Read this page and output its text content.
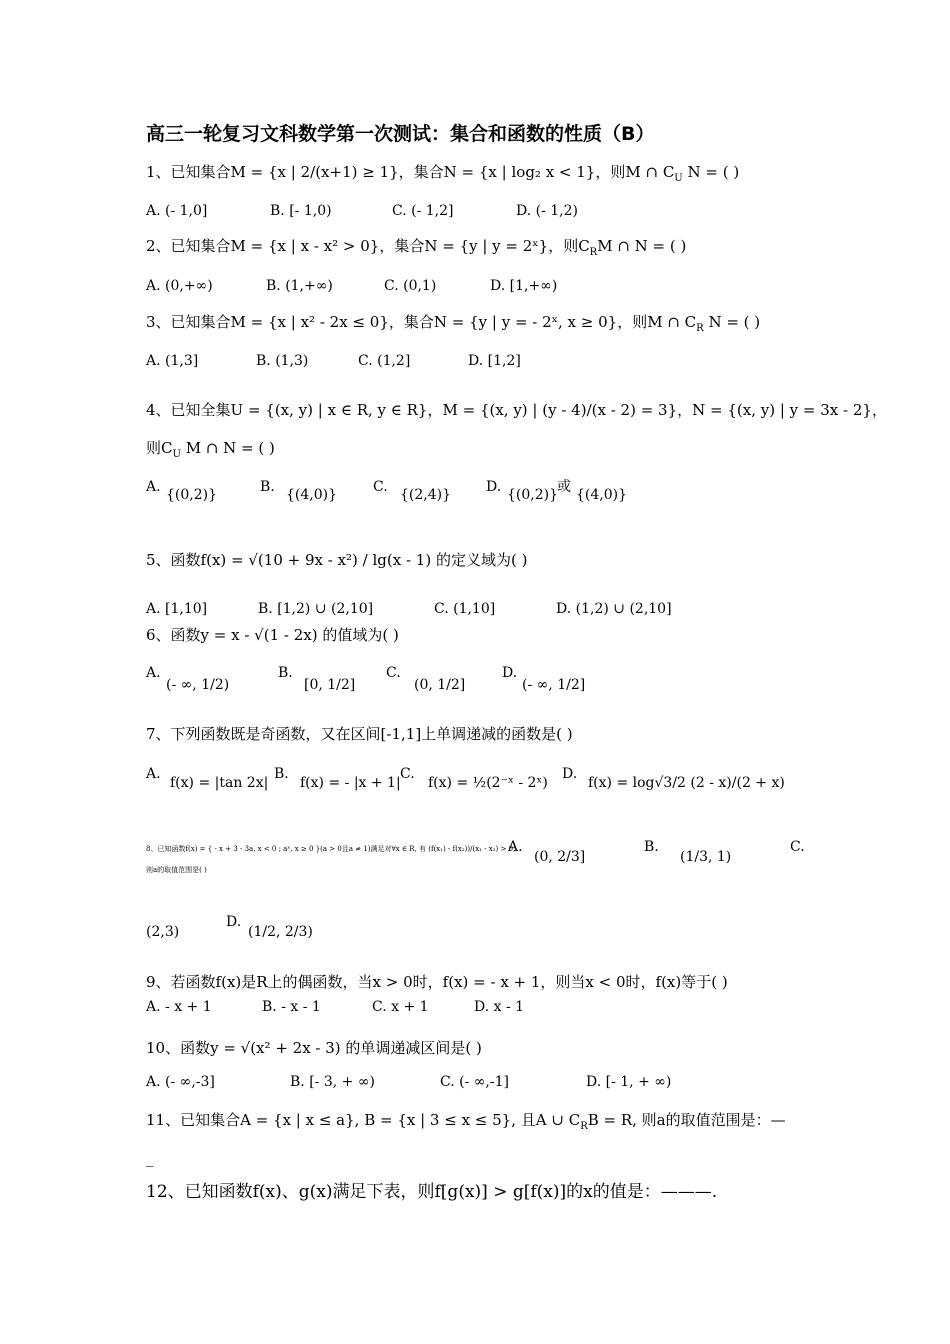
高三一轮复习文科数学第一次测试：集合和函数的性质（B）
1、已知集合M = {x | 2/(x+1) ≥ 1}，集合N = {x | log₂ x < 1}，则M ∩ $C_U$ N = ( )
A. (- 1,0]	B. [- 1,0)	C. (- 1,2]	D. (- 1,2)
2、已知集合M = {x | x - x² > 0}，集合N = {y | y = 2ˣ}，则$C_RM$ ∩ N = ( )
A. (0,+∞)	B. (1,+∞)	C. (0,1)	D. [1,+∞)
3、已知集合M = {x | x² - 2x ≤ 0}，集合N = {y | y = - 2ˣ, x ≥ 0}，则M ∩ $C_R$ N = ( )
A. (1,3]	B. (1,3)	C. (1,2]	D. [1,2]
4、已知全集U = {(x, y) | x ∈ R, y ∈ R}，M = {(x, y) | (y - 4)/(x - 2) = 3}，N = {(x, y) | y = 3x - 2}，
则$C_U$ M ∩ N = ( )
A. {(0,2)}	B. {(4,0)}	C. {(2,4)} D. {(0,2)}
或 {(4,0)}
5、函数f(x) = √(10 + 9x - x²) / lg(x - 1) 的定义域为( )
A. [1,10]	B. [1,2) ∪ (2,10]	C. (1,10]	D. (1,2) ∪ (2,10]
6、函数y = x - √(1 - 2x) 的值域为( )
A.
(- ∞, 1/2)
B.
[0, 1/2]
C.
(0, 1/2]
D.
(- ∞, 1/2]
7、下列函数既是奇函数，又在区间[-1,1]上单调递减的函数是( )
A.
f(x) = |tan 2x|
B.
f(x) = - |x + 1|
C.
f(x) = ½(2⁻ˣ - 2ˣ)
D.
f(x) = log√3/2 (2 - x)/(2 + x)
8、已知函数f(x) = { - x + 3 - 3a, x < 0 ; aˣ, x ≥ 0 }(a > 0且a ≠ 1)满足对∀x ∈ R, 有 (f(x₁) - f(x₂))/(x₁ - x₂) > 0,
则a的取值范围是( )
A.
(0, 2/3]
B.
(1/3, 1)
C.
(2,3)
D.
(1/2, 2/3)
9、若函数f(x)是R上的偶函数，当x > 0时，f(x) = - x + 1，则当x < 0时，f(x)等于( )
A. - x + 1	B. - x - 1	C. x + 1	D. x - 1
10、函数y = √(x² + 2x - 3) 的单调递减区间是( )
A. (- ∞,-3]	B. [- 3, + ∞)	C. (- ∞,-1]	D. [- 1, + ∞)
11、已知集合A = {x | x ≤ a}, B = {x | 3 ≤ x ≤ 5}, 且A ∪ $C_RB = R$, 则a的取值范围是：—
_
12、已知函数f(x)、g(x)满足下表，则f[g(x)] > g[f(x)]的x的值是：———.
